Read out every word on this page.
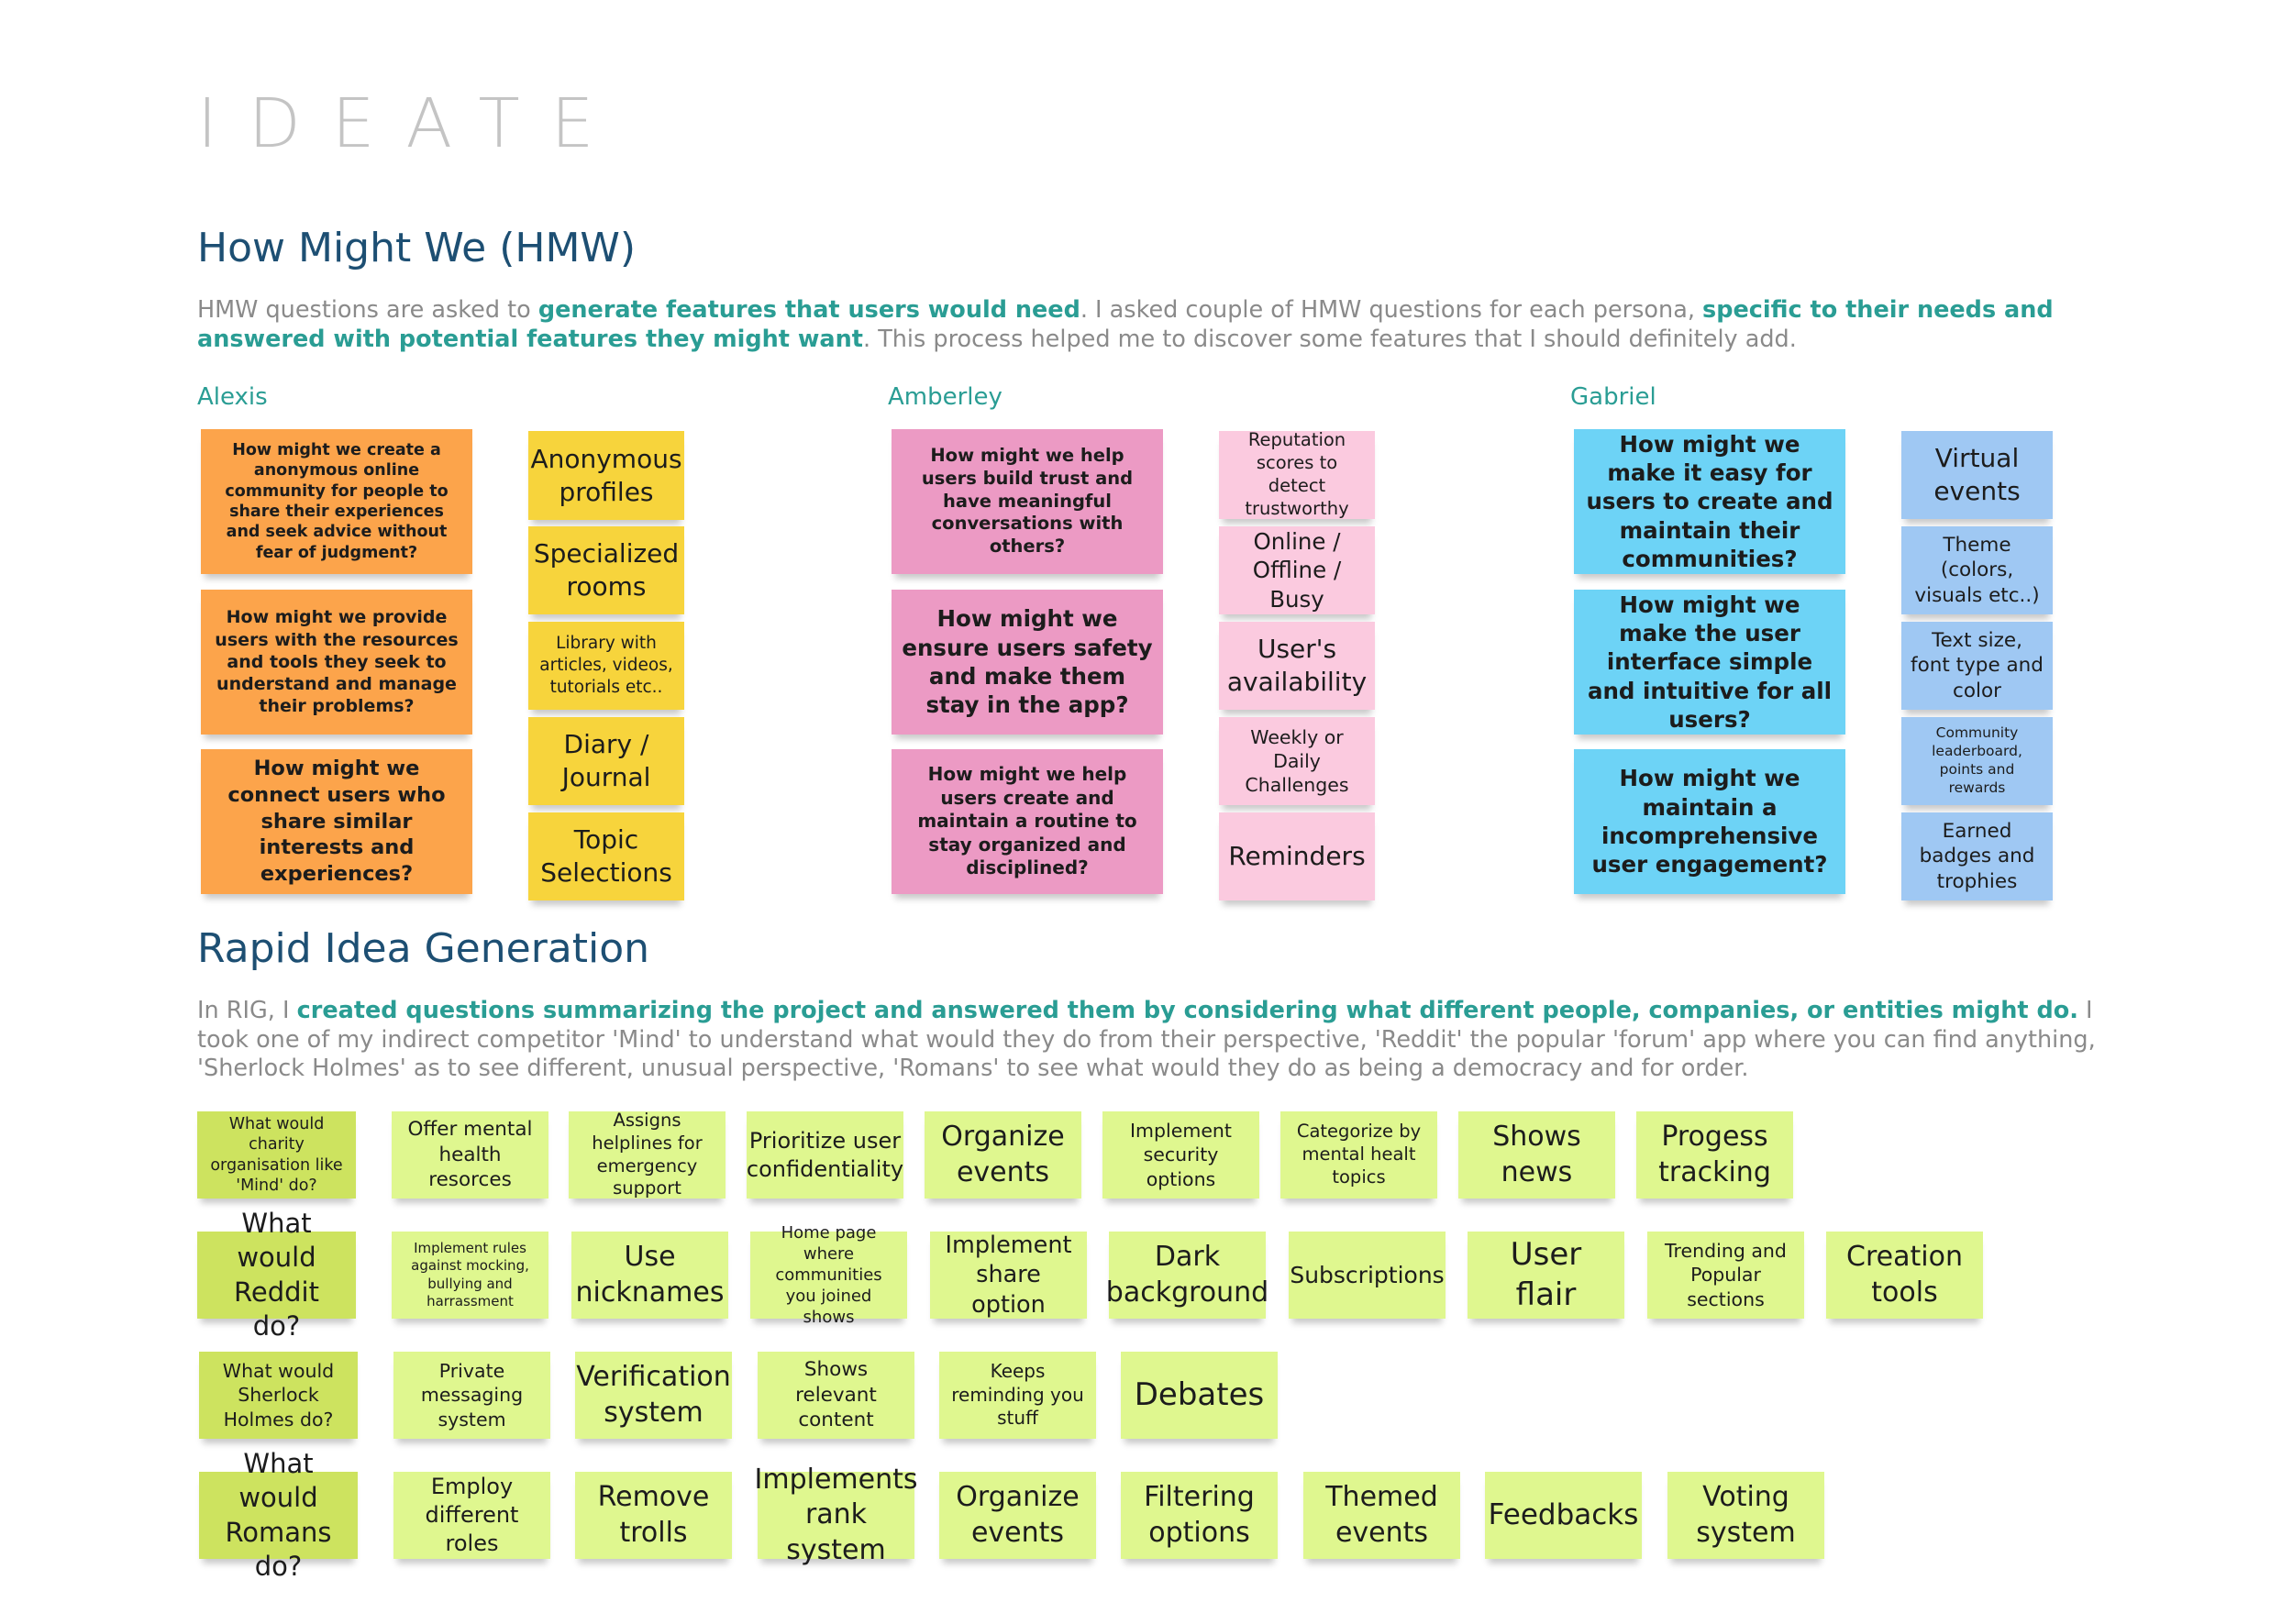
IDEATE
How Might We (HMW)
HMW questions are asked to generate features that users would need. I asked couple of HMW questions for each persona, specific to their needs and answered with potential features they might want. This process helped me to discover some features that I should definitely add.
Alexis	Amberley	Gabriel
How might we create a anonymous online community for people to share their experiences and seek advice without fear of judgment?
How might we provide users with the resources and tools they seek to understand and manage their problems?
How might we connect users who share similar interests and experiences?
Anonymous profiles
Specialized rooms
Library with articles, videos, tutorials etc..
Diary / Journal
Topic Selections
How might we help users build trust and have meaningful conversations with others?
How might we ensure users safety and make them stay in the app?
How might we help users create and maintain a routine to stay organized and disciplined?
Reputation scores to detect trustworthy
Online / Offline / Busy
User's availability
Weekly or Daily Challenges
Reminders
How might we make it easy for users to create and maintain their communities?
How might we make the user interface simple and intuitive for all users?
How might we maintain a incomprehensive user engagement?
Virtual events
Theme (colors, visuals etc..)
Text size, font type and color
Community leaderboard, points and rewards
Earned badges and trophies
Rapid Idea Generation
In RIG, I created questions summarizing the project and answered them by considering what different people, companies, or entities might do. I took one of my indirect competitor 'Mind' to understand what would they do from their perspective, 'Reddit' the popular 'forum' app where you can find anything, 'Sherlock Holmes' as to see different, unusual perspective, 'Romans' to see what would they do as being a democracy and for order.
What would charity organisation like 'Mind' do?
Offer mental health resorces
Assigns helplines for emergency support
Prioritize user confidentiality
Organize events
Implement security options
Categorize by mental healt topics
Shows news
Progess tracking
What would Reddit do?
Implement rules against mocking, bullying and harrassment
Use nicknames
Home page where communities you joined shows
Implement share option
Dark background
Subscriptions
User flair
Trending and Popular sections
Creation tools
What would Sherlock Holmes do?
Private messaging system
Verification system
Shows relevant content
Keeps reminding you stuff
Debates
What would Romans do?
Employ different roles
Remove trolls
Implements rank system
Organize events
Filtering options
Themed events
Feedbacks
Voting system
